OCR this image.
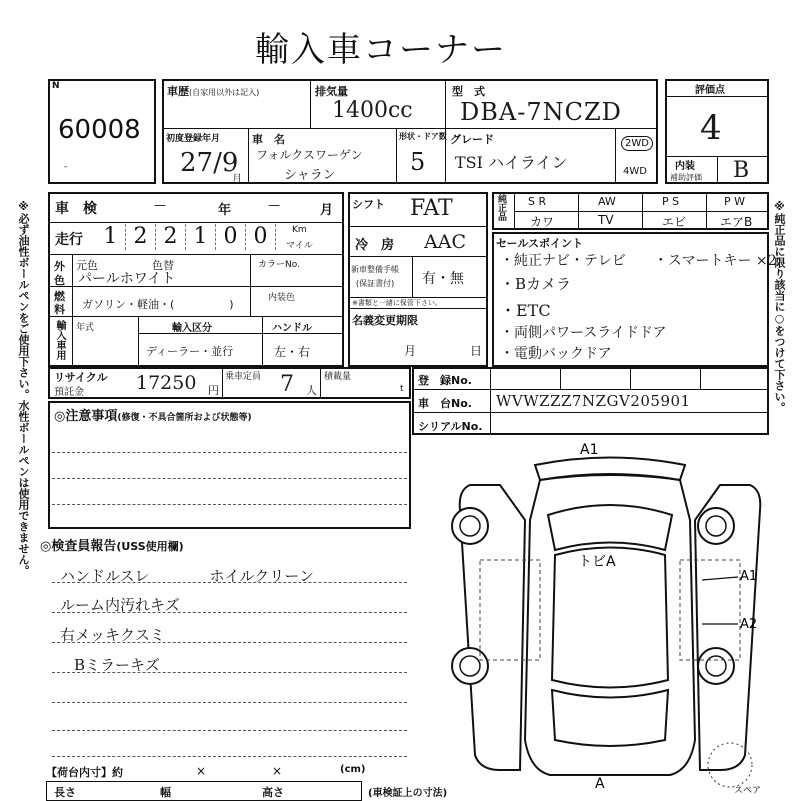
輸入車コーナー
※必ず油性ボールペンをご使用下さい。水性ボールペンは使用できません。	※純正品に限り該当に○をつけて下さい。
N
60008
-
車歴(自家用以外は記入)	排気量
1400cc
型　式
DBA-7NCZD
初度登録年月
27/9
月
車　名
フォルクスワーゲン
シャラン
形状・ドア数
5
グレード
TSI ハイライン
2WD
4WD
評価点
4
内装
補助評価 B
車　検	—	年	—	月
走行 1 2 2 1 0 0	Km
マイル
外
色
元色	色替
パールホワイト
カラーNo.
燃
料 ガソリン・軽油・(　　　　　)	内装色
輸入車用 年式	輸入区分
ディーラー・並行
ハンドル
左・右
リサイクル
預託金	17250 円
乗車定員 7 人
積載量
t
シフト FAT
冷　房 AAC
新車整備手帳
(保証書付) 有・無
※書類と一緒に保管下さい。
名義変更期限
月	日
純正品 S R	AW	P S	P W
カワ	TV	エビ	エアB
セールスポイント
・純正ナビ・テレビ　　・スマートキー ×2
・Bカメラ
・ETC
・両側パワースライドドア
・電動バックドア
登　録No.
車　台No. WVWZZZ7NZGV205901
シリアルNo.
◎注意事項(修復・不具合箇所および状態等)
◎検査員報告(USS使用欄)
ハンドルスレ　　　　ホイルクリーン
ルーム内汚れキズ
右メッキクスミ
Bミラーキズ
【荷台内寸】約	×	×	(cm)
長さ	幅	高さ	(車検証上の寸法)
A1
トビA
A1
A2
A	スペア
